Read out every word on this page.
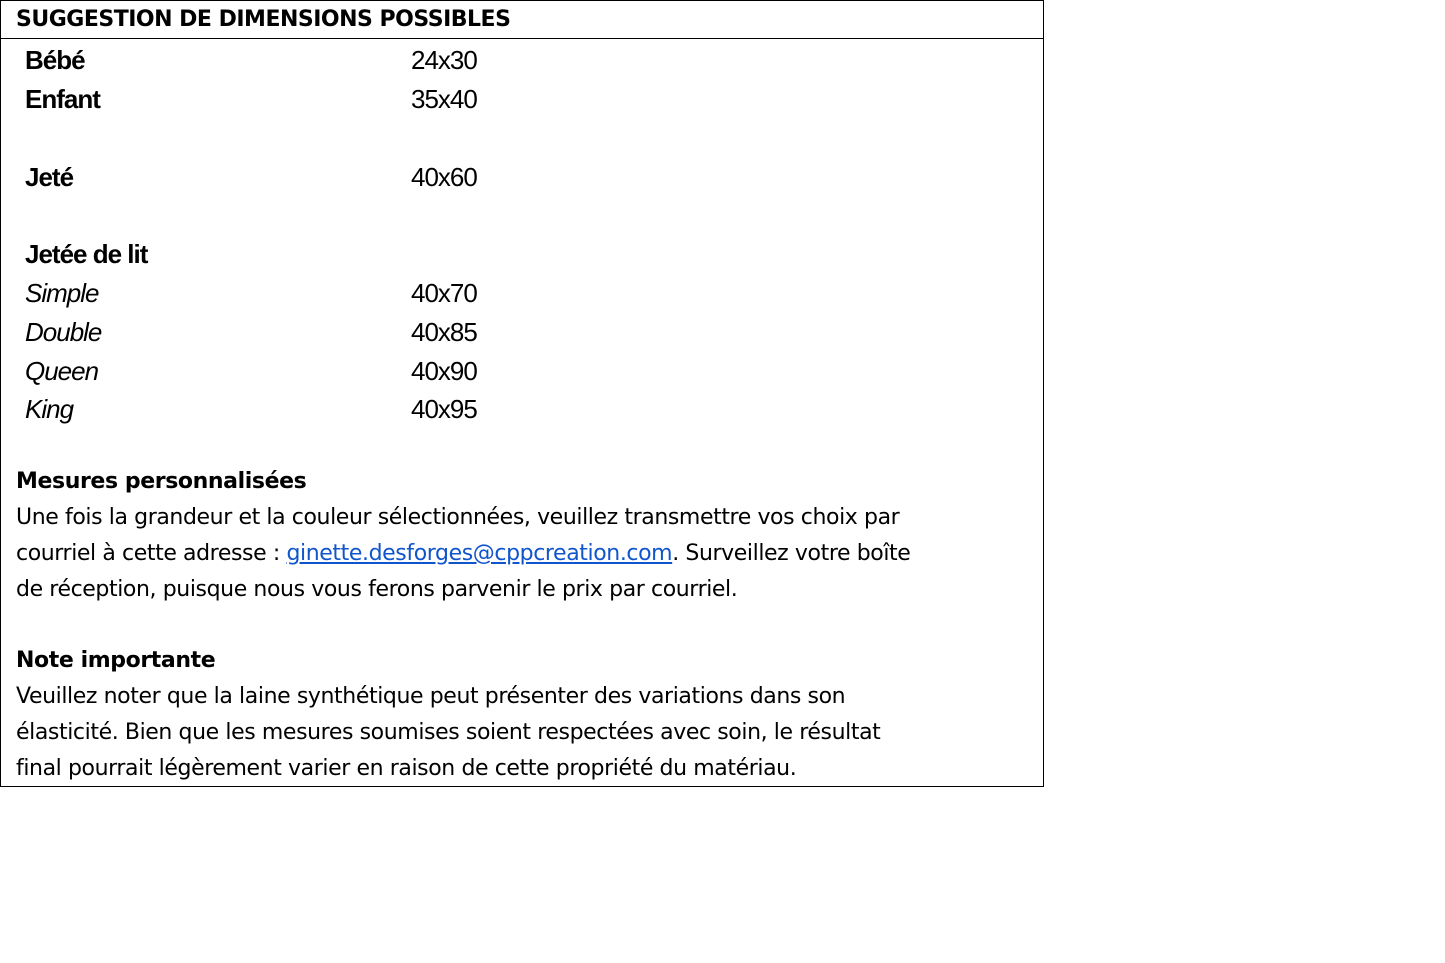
SUGGESTION DE DIMENSIONS POSSIBLES
Bébé	24x30
Enfant	35x40
Jeté	40x60
Jetée de lit
Simple	40x70
Double	40x85
Queen	40x90
King	40x95
Mesures personnalisées
Une fois la grandeur et la couleur sélectionnées, veuillez transmettre vos choix par
courriel à cette adresse : ginette.desforges@cppcreation.com. Surveillez votre boîte
de réception, puisque nous vous ferons parvenir le prix par courriel.
Note importante
Veuillez noter que la laine synthétique peut présenter des variations dans son
élasticité. Bien que les mesures soumises soient respectées avec soin, le résultat
final pourrait légèrement varier en raison de cette propriété du matériau.
